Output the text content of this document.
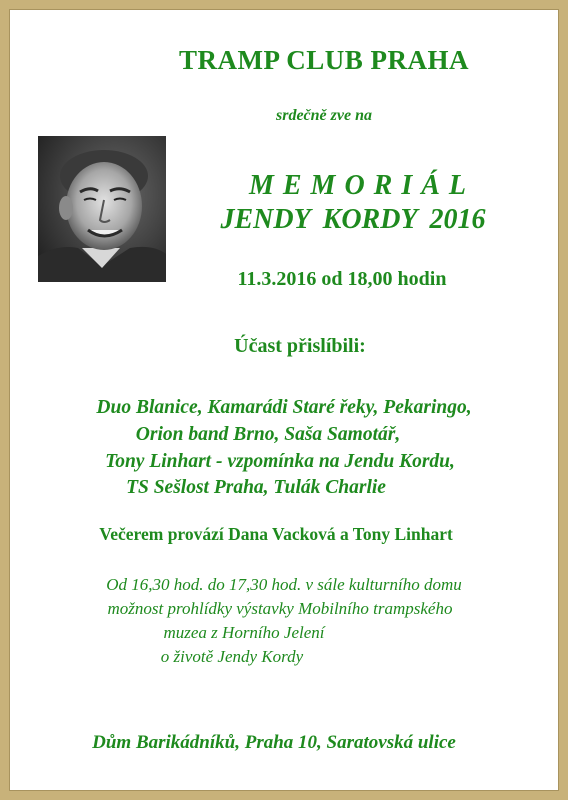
TRAMP CLUB PRAHA
srdečně zve na
MEMORIÁL
JENDY KORDY 2016
11.3.2016 od 18,00 hodin
Účast přislíbili:
Duo Blanice, Kamarádi Staré řeky, Pekaringo,
Orion band Brno, Saša Samotář,
Tony Linhart - vzpomínka na Jendu Kordu,
TS Sešlost Praha, Tulák Charlie
Večerem provází Dana Vacková a Tony Linhart
Od 16,30 hod. do 17,30 hod. v sále kulturního domu
možnost prohlídky výstavky Mobilního trampského
muzea z Horního Jelení
o životě Jendy Kordy
Dům Barikádníků, Praha 10, Saratovská ulice
